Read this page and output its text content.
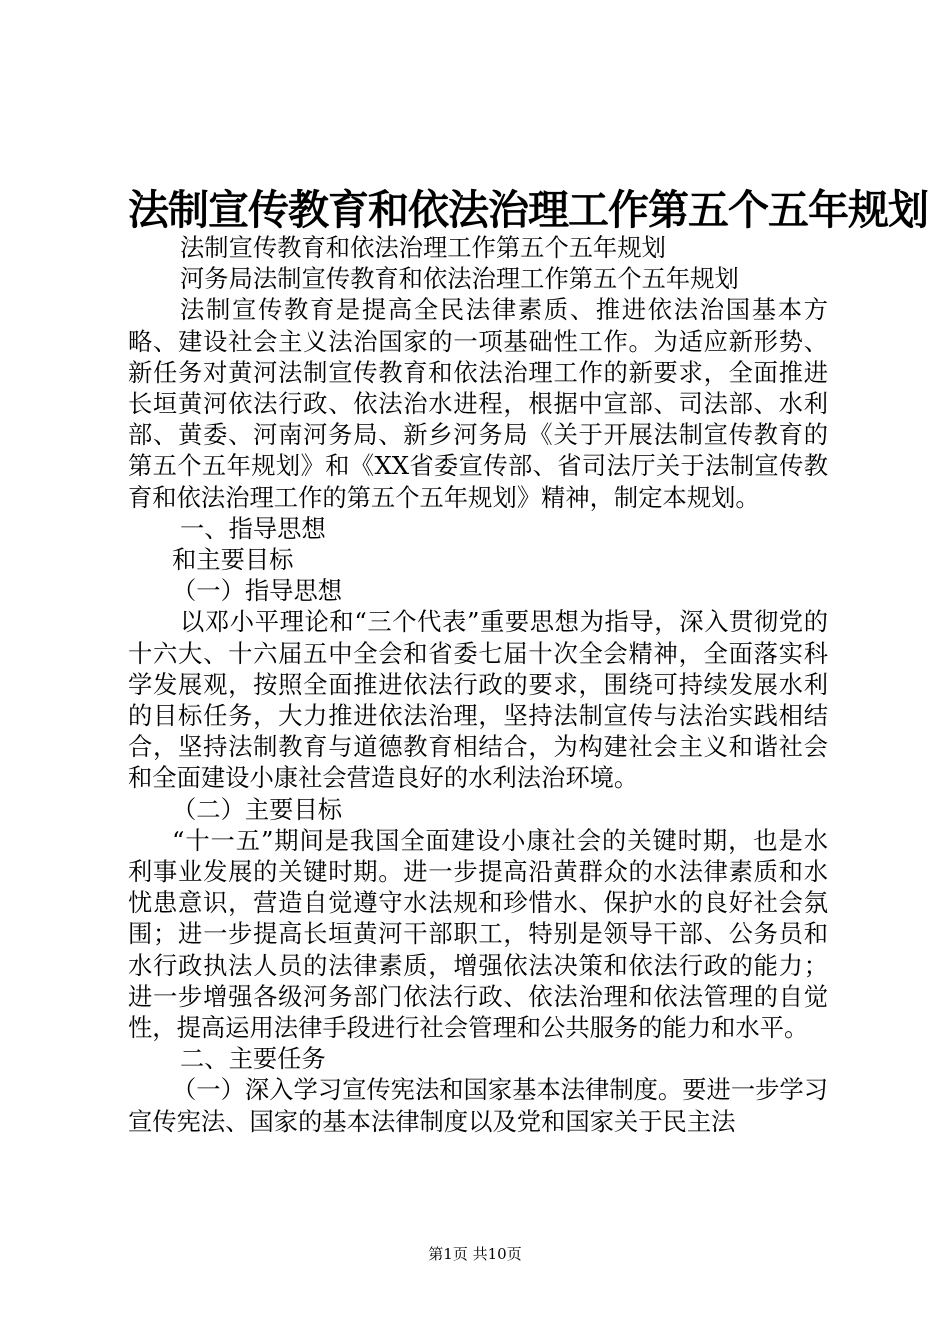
法制宣传教育和依法治理工作第五个五年规划

法制宣传教育和依法治理工作第五个五年规划

河务局法制宣传教育和依法治理工作第五个五年规划

法制宣传教育是提高全民法律素质、推进依法治国基本方略、建设社会主义法治国家的一项基础性工作。为适应新形势、新任务对黄河法制宣传教育和依法治理工作的新要求，全面推进长垣黄河依法行政、依法治水进程，根据中宣部、司法部、水利部、黄委、河南河务局、新乡河务局《关于开展法制宣传教育的第五个五年规划》和《XX省委宣传部、省司法厅关于法制宣传教育和依法治理工作的第五个五年规划》精神，制定本规划。

一、指导思想

和主要目标

（一）指导思想

以邓小平理论和“三个代表”重要思想为指导，深入贯彻党的十六大、十六届五中全会和省委七届十次全会精神，全面落实科学发展观，按照全面推进依法行政的要求，围绕可持续发展水利的目标任务，大力推进依法治理，坚持法制宣传与法治实践相结合，坚持法制教育与道德教育相结合，为构建社会主义和谐社会和全面建设小康社会营造良好的水利法治环境。

（二）主要目标

“十一五”期间是我国全面建设小康社会的关键时期，也是水利事业发展的关键时期。进一步提高沿黄群众的水法律素质和水忧患意识，营造自觉遵守水法规和珍惜水、保护水的良好社会氛围；进一步提高长垣黄河干部职工，特别是领导干部、公务员和水行政执法人员的法律素质，增强依法决策和依法行政的能力；进一步增强各级河务部门依法行政、依法治理和依法管理的自觉性，提高运用法律手段进行社会管理和公共服务的能力和水平。

二、主要任务

（一）深入学习宣传宪法和国家基本法律制度。要进一步学习宣传宪法、国家的基本法律制度以及党和国家关于民主法

第1页 共10页
